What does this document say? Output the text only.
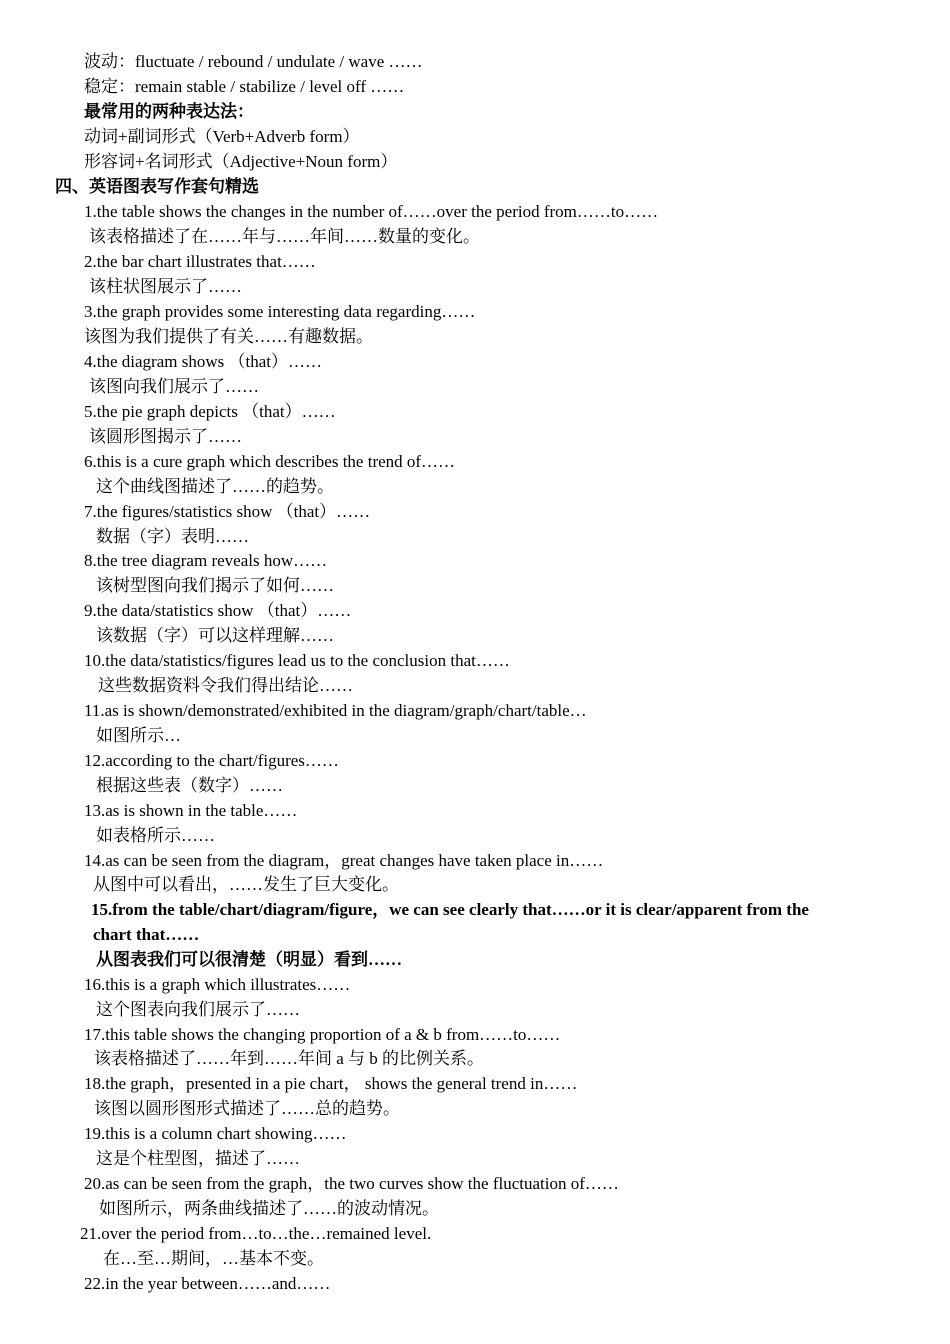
波动：fluctuate / rebound / undulate / wave ……
稳定：remain stable / stabilize / level off ……
最常用的两种表达法：
动词+副词形式（Verb+Adverb form）
形容词+名词形式（Adjective+Noun form）
四、英语图表写作套句精选
1.the table shows the changes in the number of……over the period from……to……
该表格描述了在……年与……年间……数量的变化。
2.the bar chart illustrates that……
该柱状图展示了……
3.the graph provides some interesting data regarding……
该图为我们提供了有关……有趣数据。
4.the diagram shows （that）……
该图向我们展示了……
5.the pie graph depicts （that）……
该圆形图揭示了……
6.this is a cure graph which describes the trend of……
这个曲线图描述了……的趋势。
7.the figures/statistics show （that）……
数据（字）表明……
8.the tree diagram reveals how……
该树型图向我们揭示了如何……
9.the data/statistics show （that）……
该数据（字）可以这样理解……
10.the data/statistics/figures lead us to the conclusion that……
这些数据资料令我们得出结论……
11.as is shown/demonstrated/exhibited in the diagram/graph/chart/table…
如图所示…
12.according to the chart/figures……
根据这些表（数字）……
13.as is shown in the table……
如表格所示……
14.as can be seen from the diagram，great changes have taken place in……
从图中可以看出，……发生了巨大变化。
15.from the table/chart/diagram/figure，we can see clearly that……or it is clear/apparent from the
chart that……
从图表我们可以很清楚（明显）看到……
16.this is a graph which illustrates……
这个图表向我们展示了……
17.this table shows the changing proportion of a & b from……to……
该表格描述了……年到……年间 a 与 b 的比例关系。
18.the graph，presented in a pie chart， shows the general trend in……
该图以圆形图形式描述了……总的趋势。
19.this is a column chart showing……
这是个柱型图，描述了……
20.as can be seen from the graph，the two curves show the fluctuation of……
如图所示，两条曲线描述了……的波动情况。
21.over the period from…to…the…remained level.
在…至…期间，…基本不变。
22.in the year between……and……
